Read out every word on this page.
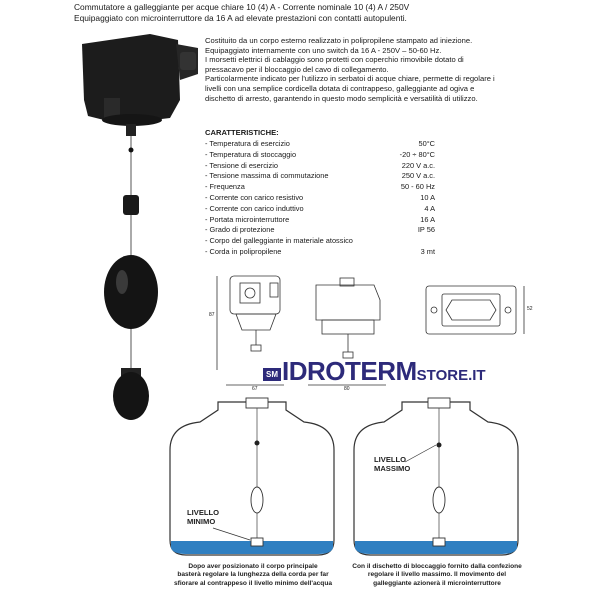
Commutatore a galleggiante per acque chiare 10 (4) A - Corrente nominale 10 (4) A / 250V
Equipaggiato con microinterruttore da 16 A ad elevate prestazioni con contatti autopulenti.
Costituito da un corpo esterno realizzato in polipropilene stampato ad iniezione.
Equipaggiato internamente con uno switch da 16 A - 250V – 50-60 Hz.
I morsetti elettrici di cablaggio sono protetti con coperchio rimovibile dotato di
pressacavo per il bloccaggio del cavo di collegamento.
Particolarmente indicato per l'utilizzo in serbatoi di acque chiare, permette di regolare i
livelli con una semplice cordicella dotata di contrappeso, galleggiante ad ogiva e
dischetto di arresto, garantendo in questo modo semplicità e versatilità di utilizzo.
CARATTERISTICHE:
- Temperatura di esercizio	50°C
- Temperatura di stoccaggio	-20 ÷ 80°C
- Tensione di esercizio	220 V a.c.
- Tensione massima di commutazione	250 V a.c.
- Frequenza	50 - 60 Hz
- Corrente con carico resistivo	10 A
- Corrente con carico induttivo	4 A
- Portata microinterruttore	16 A
- Grado di protezione	IP 56
- Corpo del galleggiante in materiale atossico	
- Corda in polipropilene	3 mt
87
67	80
52
SM IDROTERMSTORE.IT
LIVELLO
MINIMO
LIVELLO
MASSIMO
Dopo aver posizionato il corpo principale
basterà regolare la lunghezza della corda per far
sfiorare al contrappeso il livello minimo dell'acqua
Con il dischetto di bloccaggio fornito dalla confezione
regolare il livello massimo. Il movimento del
galleggiante azionerà il microinterruttore
